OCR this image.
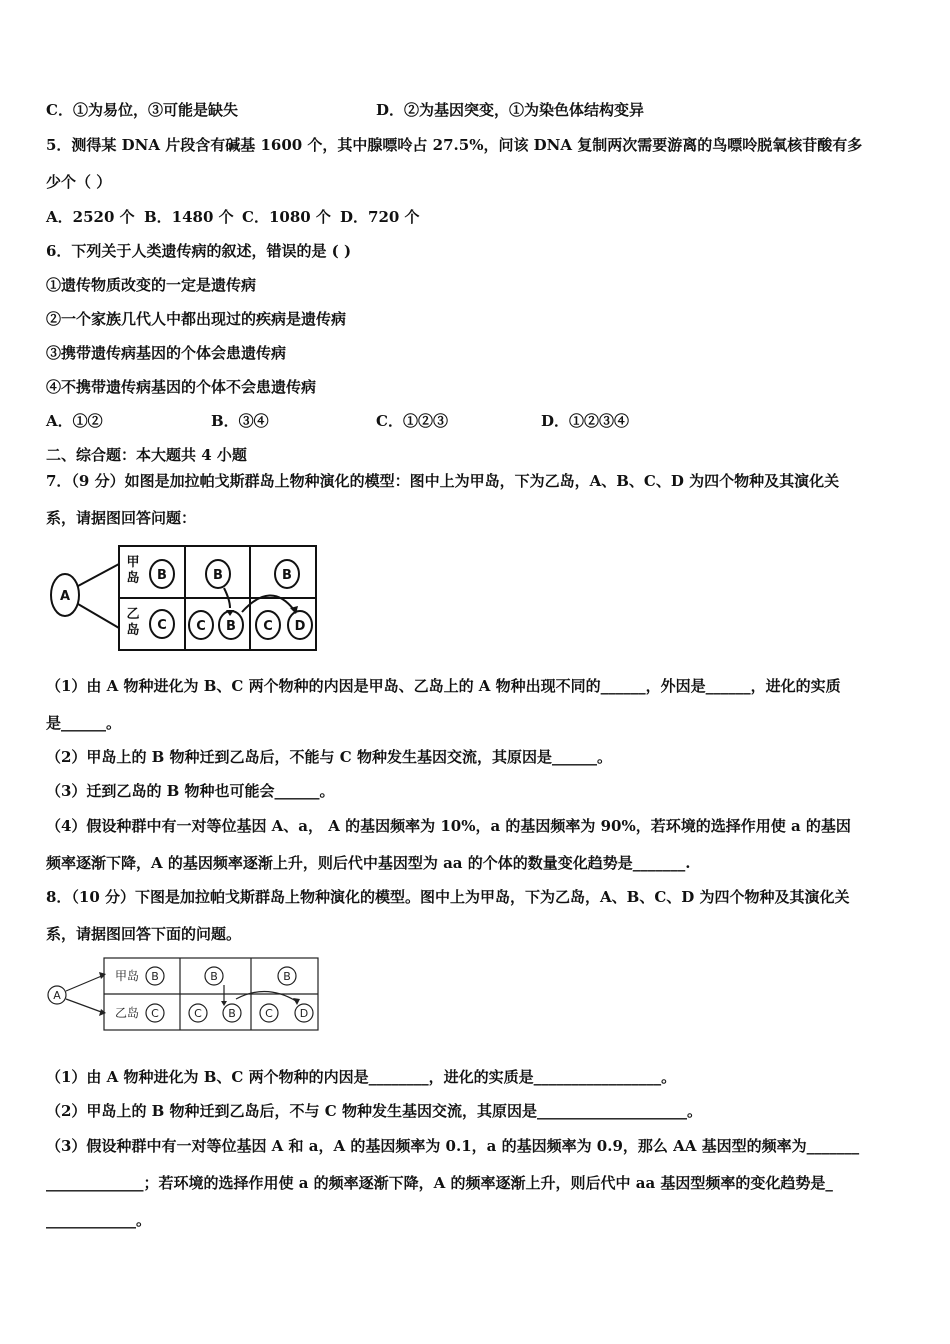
C．①为易位，③可能是缺失	D．②为基因突变，①为染色体结构变异
5．测得某 DNA 片段含有碱基 1600 个，其中腺嘌呤占 27.5%，问该 DNA 复制两次需要游离的鸟嘌呤脱氧核苷酸有多
少个（ ）
A．2520 个 B．1480 个 C．1080 个 D．720 个
6．下列关于人类遗传病的叙述，错误的是 ( )
①遗传物质改变的一定是遗传病
②一个家族几代人中都出现过的疾病是遗传病
③携带遗传病基因的个体会患遗传病
④不携带遗传病基因的个体不会患遗传病
A．①②	B．③④	C．①②③	D．①②③④
二、综合题：本大题共 4 小题
7．（9 分）如图是加拉帕戈斯群岛上物种演化的模型：图中上为甲岛，下为乙岛，A、B、C、D 为四个物种及其演化关
系，请据图回答问题：
甲
岛
乙
岛
A
B	B	B
C C B C D
（1）由 A 物种进化为 B、C 两个物种的内因是甲岛、乙岛上的 A 物种出现不同的______，外因是______，进化的实质
是______。
（2）甲岛上的 B 物种迁到乙岛后，不能与 C 物种发生基因交流，其原因是______。
（3）迁到乙岛的 B 物种也可能会______。
（4）假设种群中有一对等位基因 A、a， A 的基因频率为 10%，a 的基因频率为 90%，若环境的选择作用使 a 的基因
频率逐渐下降，A 的基因频率逐渐上升，则后代中基因型为 aa 的个体的数量变化趋势是_______.
8．（10 分）下图是加拉帕戈斯群岛上物种演化的模型。图中上为甲岛，下为乙岛，A、B、C、D 为四个物种及其演化关
系，请据图回答下面的问题。
甲岛
乙岛
A
B	B	B
C	C B	C D
（1）由 A 物种进化为 B、C 两个物种的内因是________，进化的实质是_________________。
（2）甲岛上的 B 物种迁到乙岛后，不与 C 物种发生基因交流，其原因是____________________。
（3）假设种群中有一对等位基因 A 和 a，A 的基因频率为 0.1，a 的基因频率为 0.9，那么 AA 基因型的频率为_______
_____________；若环境的选择作用使 a 的频率逐渐下降，A 的频率逐渐上升，则后代中 aa 基因型频率的变化趋势是_
____________。
